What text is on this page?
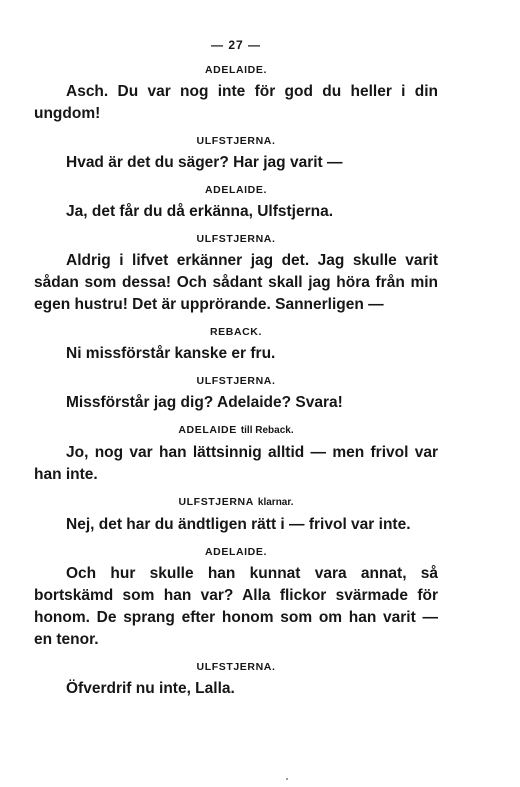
— 27 —
ADELAIDE.

Asch. Du var nog inte för god du heller i din ungdom!

ULFSTJERNA.

Hvad är det du säger? Har jag varit —

ADELAIDE.

Ja, det får du då erkänna, Ulfstjerna.

ULFSTJERNA.

Aldrig i lifvet erkänner jag det. Jag skulle varit sådan som dessa! Och sådant skall jag höra från min egen hustru! Det är upprörande. Sannerligen —

REBACK.

Ni missförstår kanske er fru.

ULFSTJERNA.

Missförstår jag dig? Adelaide? Svara!

ADELAIDE till Reback.

Jo, nog var han lättsinnig alltid — men frivol var han inte.

ULFSTJERNA klarnar.

Nej, det har du ändtligen rätt i — frivol var inte.

ADELAIDE.

Och hur skulle han kunnat vara annat, så bortskämd som han var? Alla flickor svärmade för honom. De sprang efter honom som om han varit — en tenor.

ULFSTJERNA.

Öfverdrif nu inte, Lalla.
